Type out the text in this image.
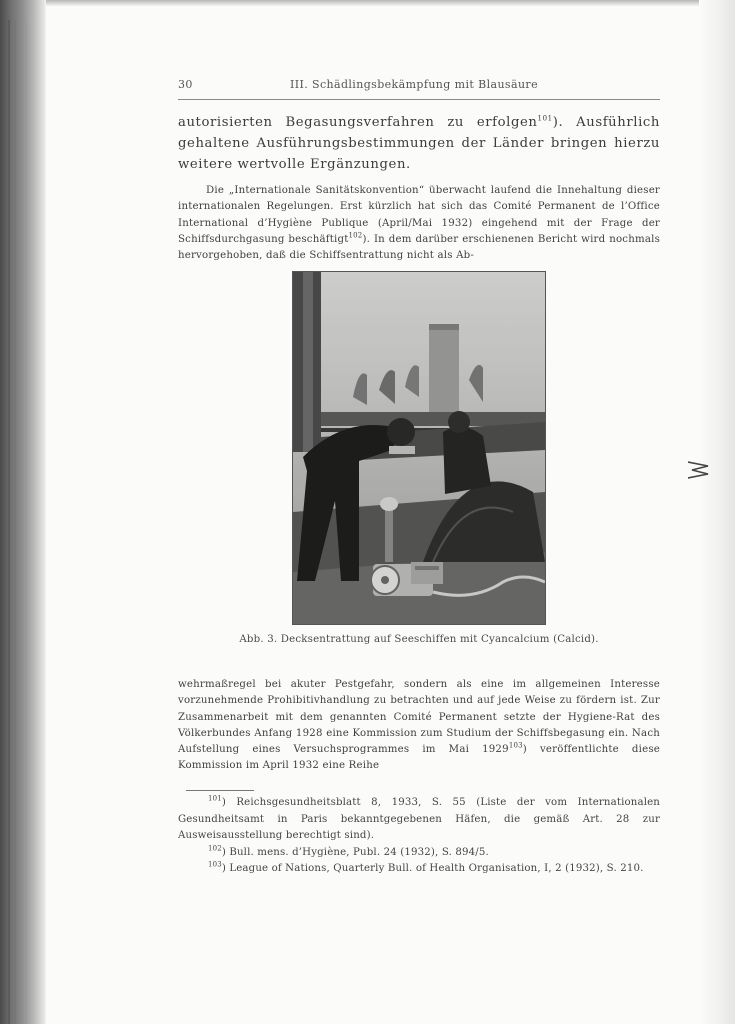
30	III. Schädlingsbekämpfung mit Blausäure

autorisierten Begasungsverfahren zu erfolgen$^{101}$). Ausführlich gehaltene Ausführungsbestimmungen der Länder bringen hierzu weitere wertvolle Ergänzungen.

Die „Internationale Sanitätskonvention“ überwacht laufend die Innehaltung dieser internationalen Regelungen. Erst kürzlich hat sich das Comité Permanent de l’Office International d’Hygiène Publique (April/Mai 1932) eingehend mit der Frage der Schiffsdurchgasung beschäftigt$^{102}$). In dem darüber erschienenen Bericht wird nochmals hervorgehoben, daß die Schiffsentrattung nicht als Ab-

Abb. 3. Decksentrattung auf Seeschiffen mit Cyancalcium (Calcid).

wehrmaßregel bei akuter Pestgefahr, sondern als eine im allgemeinen Interesse vorzunehmende Prohibitivhandlung zu betrachten und auf jede Weise zu fördern ist. Zur Zusammenarbeit mit dem genannten Comité Permanent setzte der Hygiene-Rat des Völkerbundes Anfang 1928 eine Kommission zum Studium der Schiffsbegasung ein. Nach Aufstellung eines Versuchsprogrammes im Mai 1929$^{103}$) veröffentlichte diese Kommission im April 1932 eine Reihe

$^{101}$) Reichsgesundheitsblatt 8, 1933, S. 55 (Liste der vom Internationalen Gesundheitsamt in Paris bekanntgegebenen Häfen, die gemäß Art. 28 zur Ausweisausstellung berechtigt sind).

$^{102}$) Bull. mens. d’Hygiène, Publ. 24 (1932), S. 894/5.

$^{103}$) League of Nations, Quarterly Bull. of Health Organisation, I, 2 (1932), S. 210.
